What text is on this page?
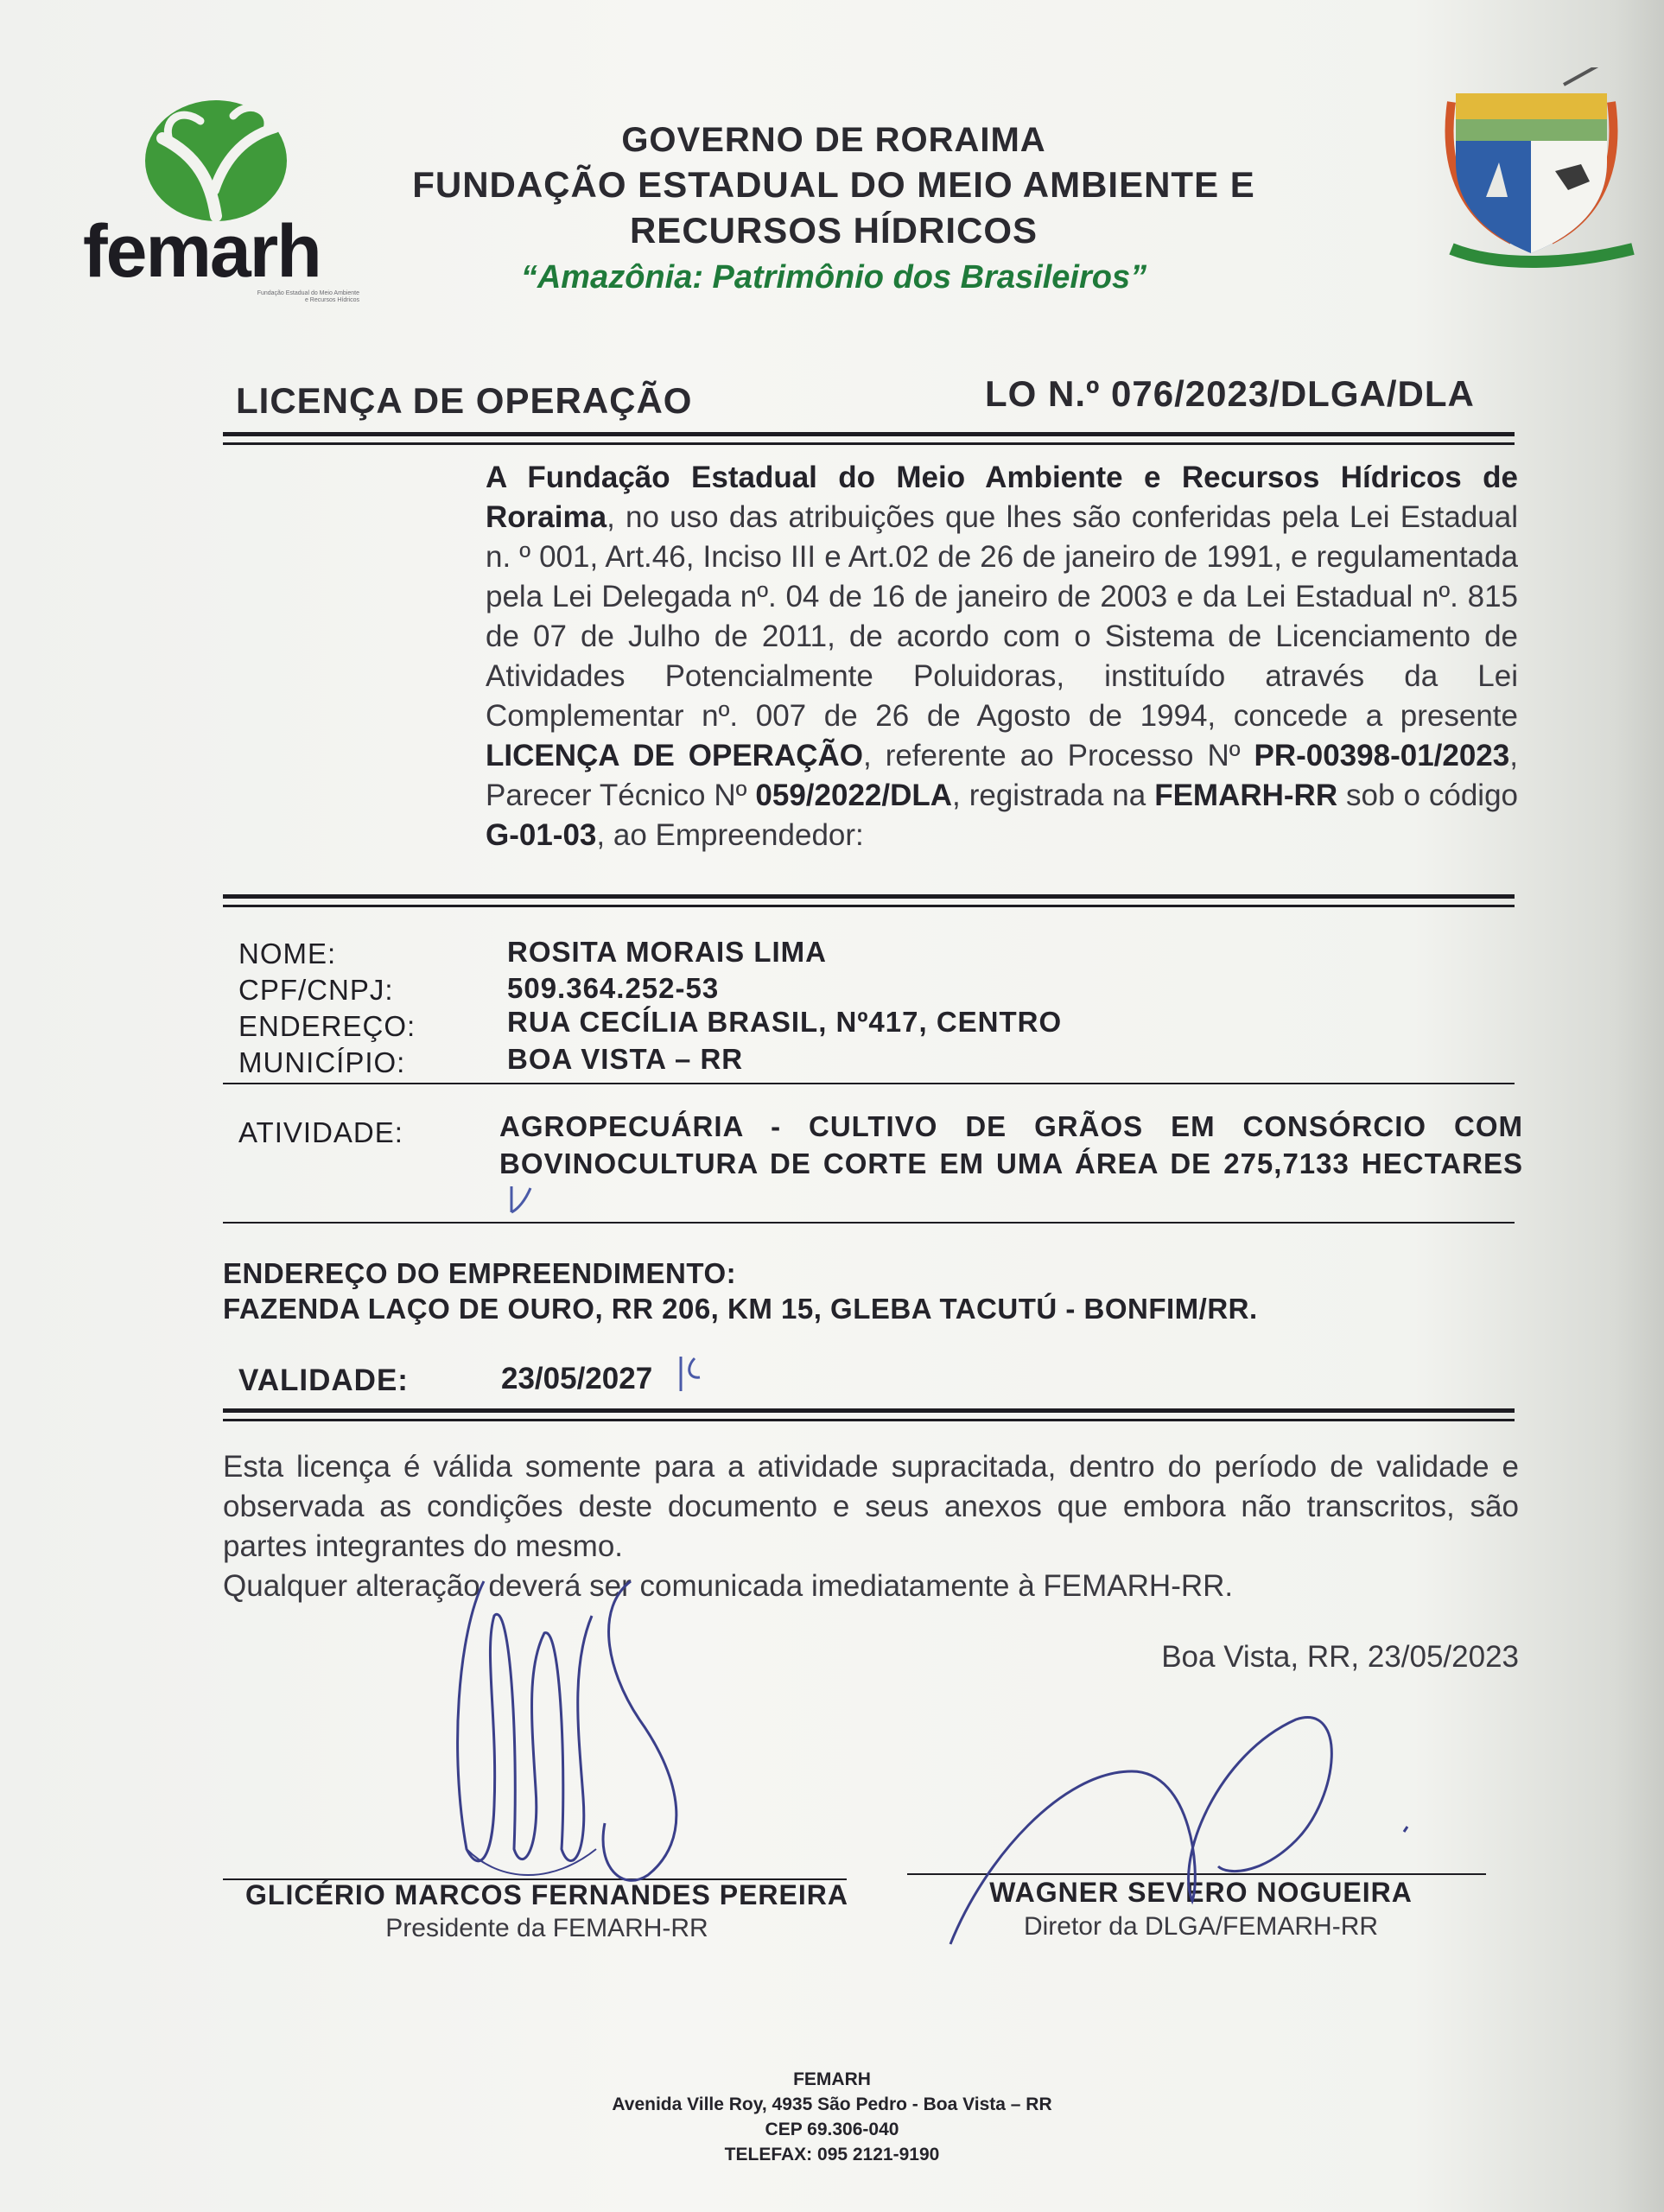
femarh
Fundação Estadual do Meio Ambiente
e Recursos Hídricos
GOVERNO DE RORAIMA
FUNDAÇÃO ESTADUAL DO MEIO AMBIENTE E
RECURSOS HÍDRICOS
“Amazônia: Patrimônio dos Brasileiros”
LICENÇA DE OPERAÇÃO	LO N.º 076/2023/DLGA/DLA
A Fundação Estadual do Meio Ambiente e Recursos Hídricos de Roraima, no uso das atribuições que lhes são conferidas pela Lei Estadual n. º 001, Art.46, Inciso III e Art.02 de 26 de janeiro de 1991, e regulamentada pela Lei Delegada nº. 04 de 16 de janeiro de 2003 e da Lei Estadual nº. 815 de 07 de Julho de 2011, de acordo com o Sistema de Licenciamento de Atividades Potencialmente Poluidoras, instituído através da Lei Complementar nº. 007 de 26 de Agosto de 1994, concede a presente LICENÇA DE OPERAÇÃO, referente ao Processo Nº PR-00398-01/2023, Parecer Técnico Nº 059/2022/DLA, registrada na FEMARH-RR sob o código G-01-03, ao Empreendedor:
NOME:	ROSITA MORAIS LIMA
CPF/CNPJ:	509.364.252-53
ENDEREÇO:	RUA CECÍLIA BRASIL, Nº417, CENTRO
MUNICÍPIO:	BOA VISTA – RR
ATIVIDADE:	AGROPECUÁRIA - CULTIVO DE GRÃOS EM CONSÓRCIO COM BOVINOCULTURA DE CORTE EM UMA ÁREA DE 275,7133 HECTARES
ENDEREÇO DO EMPREENDIMENTO:
FAZENDA LAÇO DE OURO, RR 206, KM 15, GLEBA TACUTÚ - BONFIM/RR.
VALIDADE:	23/05/2027
Esta licença é válida somente para a atividade supracitada, dentro do período de validade e observada as condições deste documento e seus anexos que embora não transcritos, são partes integrantes do mesmo.
Qualquer alteração deverá ser comunicada imediatamente à FEMARH-RR.
Boa Vista, RR, 23/05/2023
GLICÉRIO MARCOS FERNANDES PEREIRA
Presidente da FEMARH-RR
WAGNER SEVERO NOGUEIRA
Diretor da DLGA/FEMARH-RR
FEMARH
Avenida Ville Roy, 4935 São Pedro - Boa Vista – RR
CEP 69.306-040
TELEFAX: 095 2121-9190
